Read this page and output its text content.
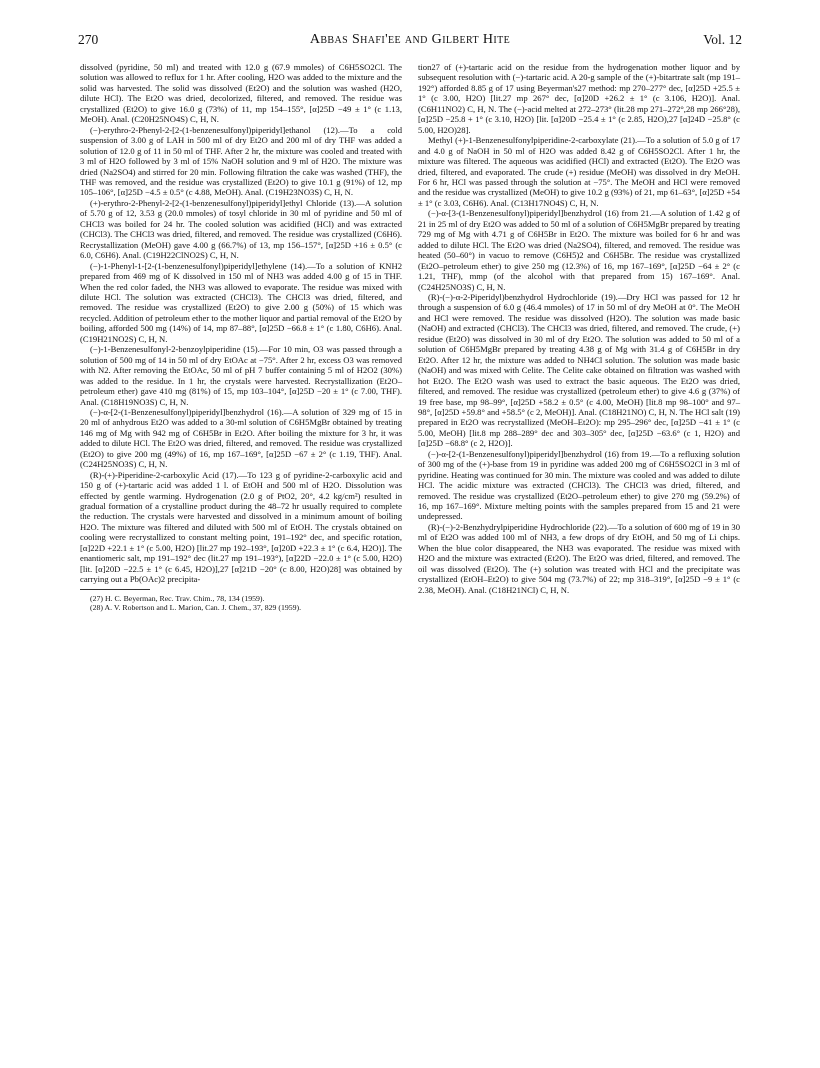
270	Abbas Shafi'ee and Gilbert Hite	Vol. 12

dissolved (pyridine, 50 ml) and treated with 12.0 g (67.9 mmoles) of C6H5SO2Cl. The solution was allowed to reflux for 1 hr. After cooling, H2O was added to the mixture and the solid was harvested. The solid was dissolved (Et2O) and the solution was washed (H2O, dilute HCl). The Et2O was dried, decolorized, filtered, and removed. The residue was crystallized (Et2O) to give 16.0 g (73%) of 11, mp 154–155°, [α]25D −49 ± 1° (c 1.13, MeOH). Anal. (C20H25NO4S) C, H, N.

(−)-erythro-2-Phenyl-2-[2-(1-benzenesulfonyl)piperidyl]ethanol (12).—To a cold suspension of 3.00 g of LAH in 500 ml of dry Et2O and 200 ml of dry THF was added a solution of 12.0 g of 11 in 50 ml of THF. After 2 hr, the mixture was cooled and treated with 3 ml of H2O followed by 3 ml of 15% NaOH solution and 9 ml of H2O. The mixture was dried (Na2SO4) and stirred for 20 min. Following filtration the cake was washed (THF), the THF was removed, and the residue was crystallized (Et2O) to give 10.1 g (91%) of 12, mp 105–106°, [α]25D −4.5 ± 0.5° (c 4.88, MeOH). Anal. (C19H23NO3S) C, H, N.

(+)-erythro-2-Phenyl-2-[2-(1-benzenesulfonyl)piperidyl]ethyl Chloride (13).—A solution of 5.70 g of 12, 3.53 g (20.0 mmoles) of tosyl chloride in 30 ml of pyridine and 50 ml of CHCl3 was boiled for 24 hr. The cooled solution was acidified (HCl) and was extracted (CHCl3). The CHCl3 was dried, filtered, and removed. The residue was crystallized (C6H6). Recrystallization (MeOH) gave 4.00 g (66.7%) of 13, mp 156–157°, [α]25D +16 ± 0.5° (c 6.0, C6H6). Anal. (C19H22ClNO2S) C, H, N.

(−)-1-Phenyl-1-[2-(1-benzenesulfonyl)piperidyl]ethylene (14).—To a solution of KNH2 prepared from 469 mg of K dissolved in 150 ml of NH3 was added 4.00 g of 15 in THF. When the red color faded, the NH3 was allowed to evaporate. The residue was mixed with dilute HCl. The solution was extracted (CHCl3). The CHCl3 was dried, filtered, and removed. The residue was crystallized (Et2O) to give 2.00 g (50%) of 15 which was recycled. Addition of petroleum ether to the mother liquor and partial removal of the Et2O by boiling, afforded 500 mg (14%) of 14, mp 87–88°, [α]25D −66.8 ± 1° (c 1.80, C6H6). Anal. (C19H21NO2S) C, H, N.

(−)-1-Benzenesulfonyl-2-benzoylpiperidine (15).—For 10 min, O3 was passed through a solution of 500 mg of 14 in 50 ml of dry EtOAc at −75°. After 2 hr, excess O3 was removed with N2. After removing the EtOAc, 50 ml of pH 7 buffer containing 5 ml of H2O2 (30%) was added to the residue. In 1 hr, the crystals were harvested. Recrystallization (Et2O–petroleum ether) gave 410 mg (81%) of 15, mp 103–104°, [α]25D −20 ± 1° (c 7.00, THF). Anal. (C18H19NO3S) C, H, N.

(−)-α-[2-(1-Benzenesulfonyl)piperidyl]benzhydrol (16).—A solution of 329 mg of 15 in 20 ml of anhydrous Et2O was added to a 30-ml solution of C6H5MgBr obtained by treating 146 mg of Mg with 942 mg of C6H5Br in Et2O. After boiling the mixture for 3 hr, it was added to dilute HCl. The Et2O was dried, filtered, and removed. The residue was crystallized (Et2O) to give 200 mg (49%) of 16, mp 167–169°, [α]25D −67 ± 2° (c 1.19, THF). Anal. (C24H25NO3S) C, H, N.

(R)-(+)-Piperidine-2-carboxylic Acid (17).—To 123 g of pyridine-2-carboxylic acid and 150 g of (+)-tartaric acid was added 1 l. of EtOH and 500 ml of H2O. Dissolution was effected by gentle warming. Hydrogenation (2.0 g of PtO2, 20°, 4.2 kg/cm²) resulted in gradual formation of a crystalline product during the 48–72 hr usually required to complete the reduction. The crystals were harvested and dissolved in a minimum amount of boiling H2O. The mixture was filtered and diluted with 500 ml of EtOH. The crystals obtained on cooling were recrystallized to constant melting point, 191–192° dec, and specific rotation, [α]22D +22.1 ± 1° (c 5.00, H2O) [lit.27 mp 192–193°, [α]20D +22.3 ± 1° (c 6.4, H2O)]. The enantiomeric salt, mp 191–192° dec (lit.27 mp 191–193°), [α]22D −22.0 ± 1° (c 5.00, H2O) [lit. [α]20D −22.5 ± 1° (c 6.45, H2O)],27 [α]21D −20° (c 8.00, H2O)28] was obtained by carrying out a Pb(OAc)2 precipita-

(27) H. C. Beyerman, Rec. Trav. Chim., 78, 134 (1959).

(28) A. V. Robertson and L. Marion, Can. J. Chem., 37, 829 (1959).

tion27 of (+)-tartaric acid on the residue from the hydrogenation mother liquor and by subsequent resolution with (−)-tartaric acid. A 20-g sample of the (+)-bitartrate salt (mp 191–192°) afforded 8.85 g of 17 using Beyerman's27 method: mp 270–277° dec, [α]25D +25.5 ± 1° (c 3.00, H2O) [lit.27 mp 267° dec, [α]20D +26.2 ± 1° (c 3.106, H2O)]. Anal. (C6H11NO2) C, H, N. The (−)-acid melted at 272–273° (lit.28 mp 271–272°,28 mp 266°28), [α]25D −25.8 + 1° (c 3.10, H2O) [lit. [α]20D −25.4 ± 1° (c 2.85, H2O),27 [α]24D −25.8° (c 5.00, H2O)28].

Methyl (+)-1-Benzenesulfonylpiperidine-2-carboxylate (21).—To a solution of 5.0 g of 17 and 4.0 g of NaOH in 50 ml of H2O was added 8.42 g of C6H5SO2Cl. After 1 hr, the mixture was filtered. The aqueous was acidified (HCl) and extracted (Et2O). The Et2O was dried, filtered, and evaporated. The crude (+) residue (MeOH) was dissolved in dry MeOH. For 6 hr, HCl was passed through the solution at −75°. The MeOH and HCl were removed and the residue was crystallized (MeOH) to give 10.2 g (93%) of 21, mp 61–63°, [α]25D +54 ± 1° (c 3.03, C6H6). Anal. (C13H17NO4S) C, H, N.

(−)-α-[3-(1-Benzenesulfonyl)piperidyl]benzhydrol (16) from 21.—A solution of 1.42 g of 21 in 25 ml of dry Et2O was added to 50 ml of a solution of C6H5MgBr prepared by treating 729 mg of Mg with 4.71 g of C6H5Br in Et2O. The mixture was boiled for 6 hr and was added to dilute HCl. The Et2O was dried (Na2SO4), filtered, and removed. The residue was heated (50–60°) in vacuo to remove (C6H5)2 and C6H5Br. The residue was crystallized (Et2O–petroleum ether) to give 250 mg (12.3%) of 16, mp 167–169°, [α]25D −64 ± 2° (c 1.21, THF), mmp (of the alcohol with that prepared from 15) 167–169°. Anal. (C24H25NO3S) C, H, N.

(R)-(−)-α-2-Piperidyl)benzhydrol Hydrochloride (19).—Dry HCl was passed for 12 hr through a suspension of 6.0 g (46.4 mmoles) of 17 in 50 ml of dry MeOH at 0°. The MeOH and HCl were removed. The residue was dissolved (H2O). The solution was made basic (NaOH) and extracted (CHCl3). The CHCl3 was dried, filtered, and removed. The crude, (+) residue (Et2O) was dissolved in 30 ml of dry Et2O. The solution was added to 50 ml of a solution of C6H5MgBr prepared by treating 4.38 g of Mg with 31.4 g of C6H5Br in dry Et2O. After 12 hr, the mixture was added to NH4Cl solution. The solution was made basic (NaOH) and was mixed with Celite. The Celite cake obtained on filtration was washed with hot Et2O. The Et2O wash was used to extract the basic aqueous. The Et2O was dried, filtered, and removed. The residue was crystallized (petroleum ether) to give 4.6 g (37%) of 19 free base, mp 98–99°, [α]25D +58.2 ± 0.5° (c 4.00, MeOH) [lit.8 mp 98–100° and 97–98°, [α]25D +59.8° and +58.5° (c 2, MeOH)]. Anal. (C18H21NO) C, H, N. The HCl salt (19) prepared in Et2O was recrystallized (MeOH–Et2O): mp 295–296° dec, [α]25D −41 ± 1° (c 5.00, MeOH) [lit.8 mp 288–289° dec and 303–305° dec, [α]25D −63.6° (c 1, H2O) and [α]25D −68.8° (c 2, H2O)].

(−)-α-[2-(1-Benzenesulfonyl)piperidyl]benzhydrol (16) from 19.—To a refluxing solution of 300 mg of the (+)-base from 19 in pyridine was added 200 mg of C6H5SO2Cl in 3 ml of pyridine. Heating was continued for 30 min. The mixture was cooled and was added to dilute HCl. The acidic mixture was extracted (CHCl3). The CHCl3 was dried, filtered, and removed. The residue was crystallized (Et2O–petroleum ether) to give 270 mg (59.2%) of 16, mp 167–169°. Mixture melting points with the samples prepared from 15 and 21 were undepressed.

(R)-(−)-2-Benzhydrylpiperidine Hydrochloride (22).—To a solution of 600 mg of 19 in 30 ml of Et2O was added 100 ml of NH3, a few drops of dry EtOH, and 50 mg of Li chips. When the blue color disappeared, the NH3 was evaporated. The residue was mixed with H2O and the mixture was extracted (Et2O). The Et2O was dried, filtered, and removed. The oil was dissolved (Et2O). The (+) solution was treated with HCl and the precipitate was crystallized (EtOH–Et2O) to give 504 mg (73.7%) of 22; mp 318–319°, [α]25D −9 ± 1° (c 2.38, MeOH). Anal. (C18H21NCl) C, H, N.
